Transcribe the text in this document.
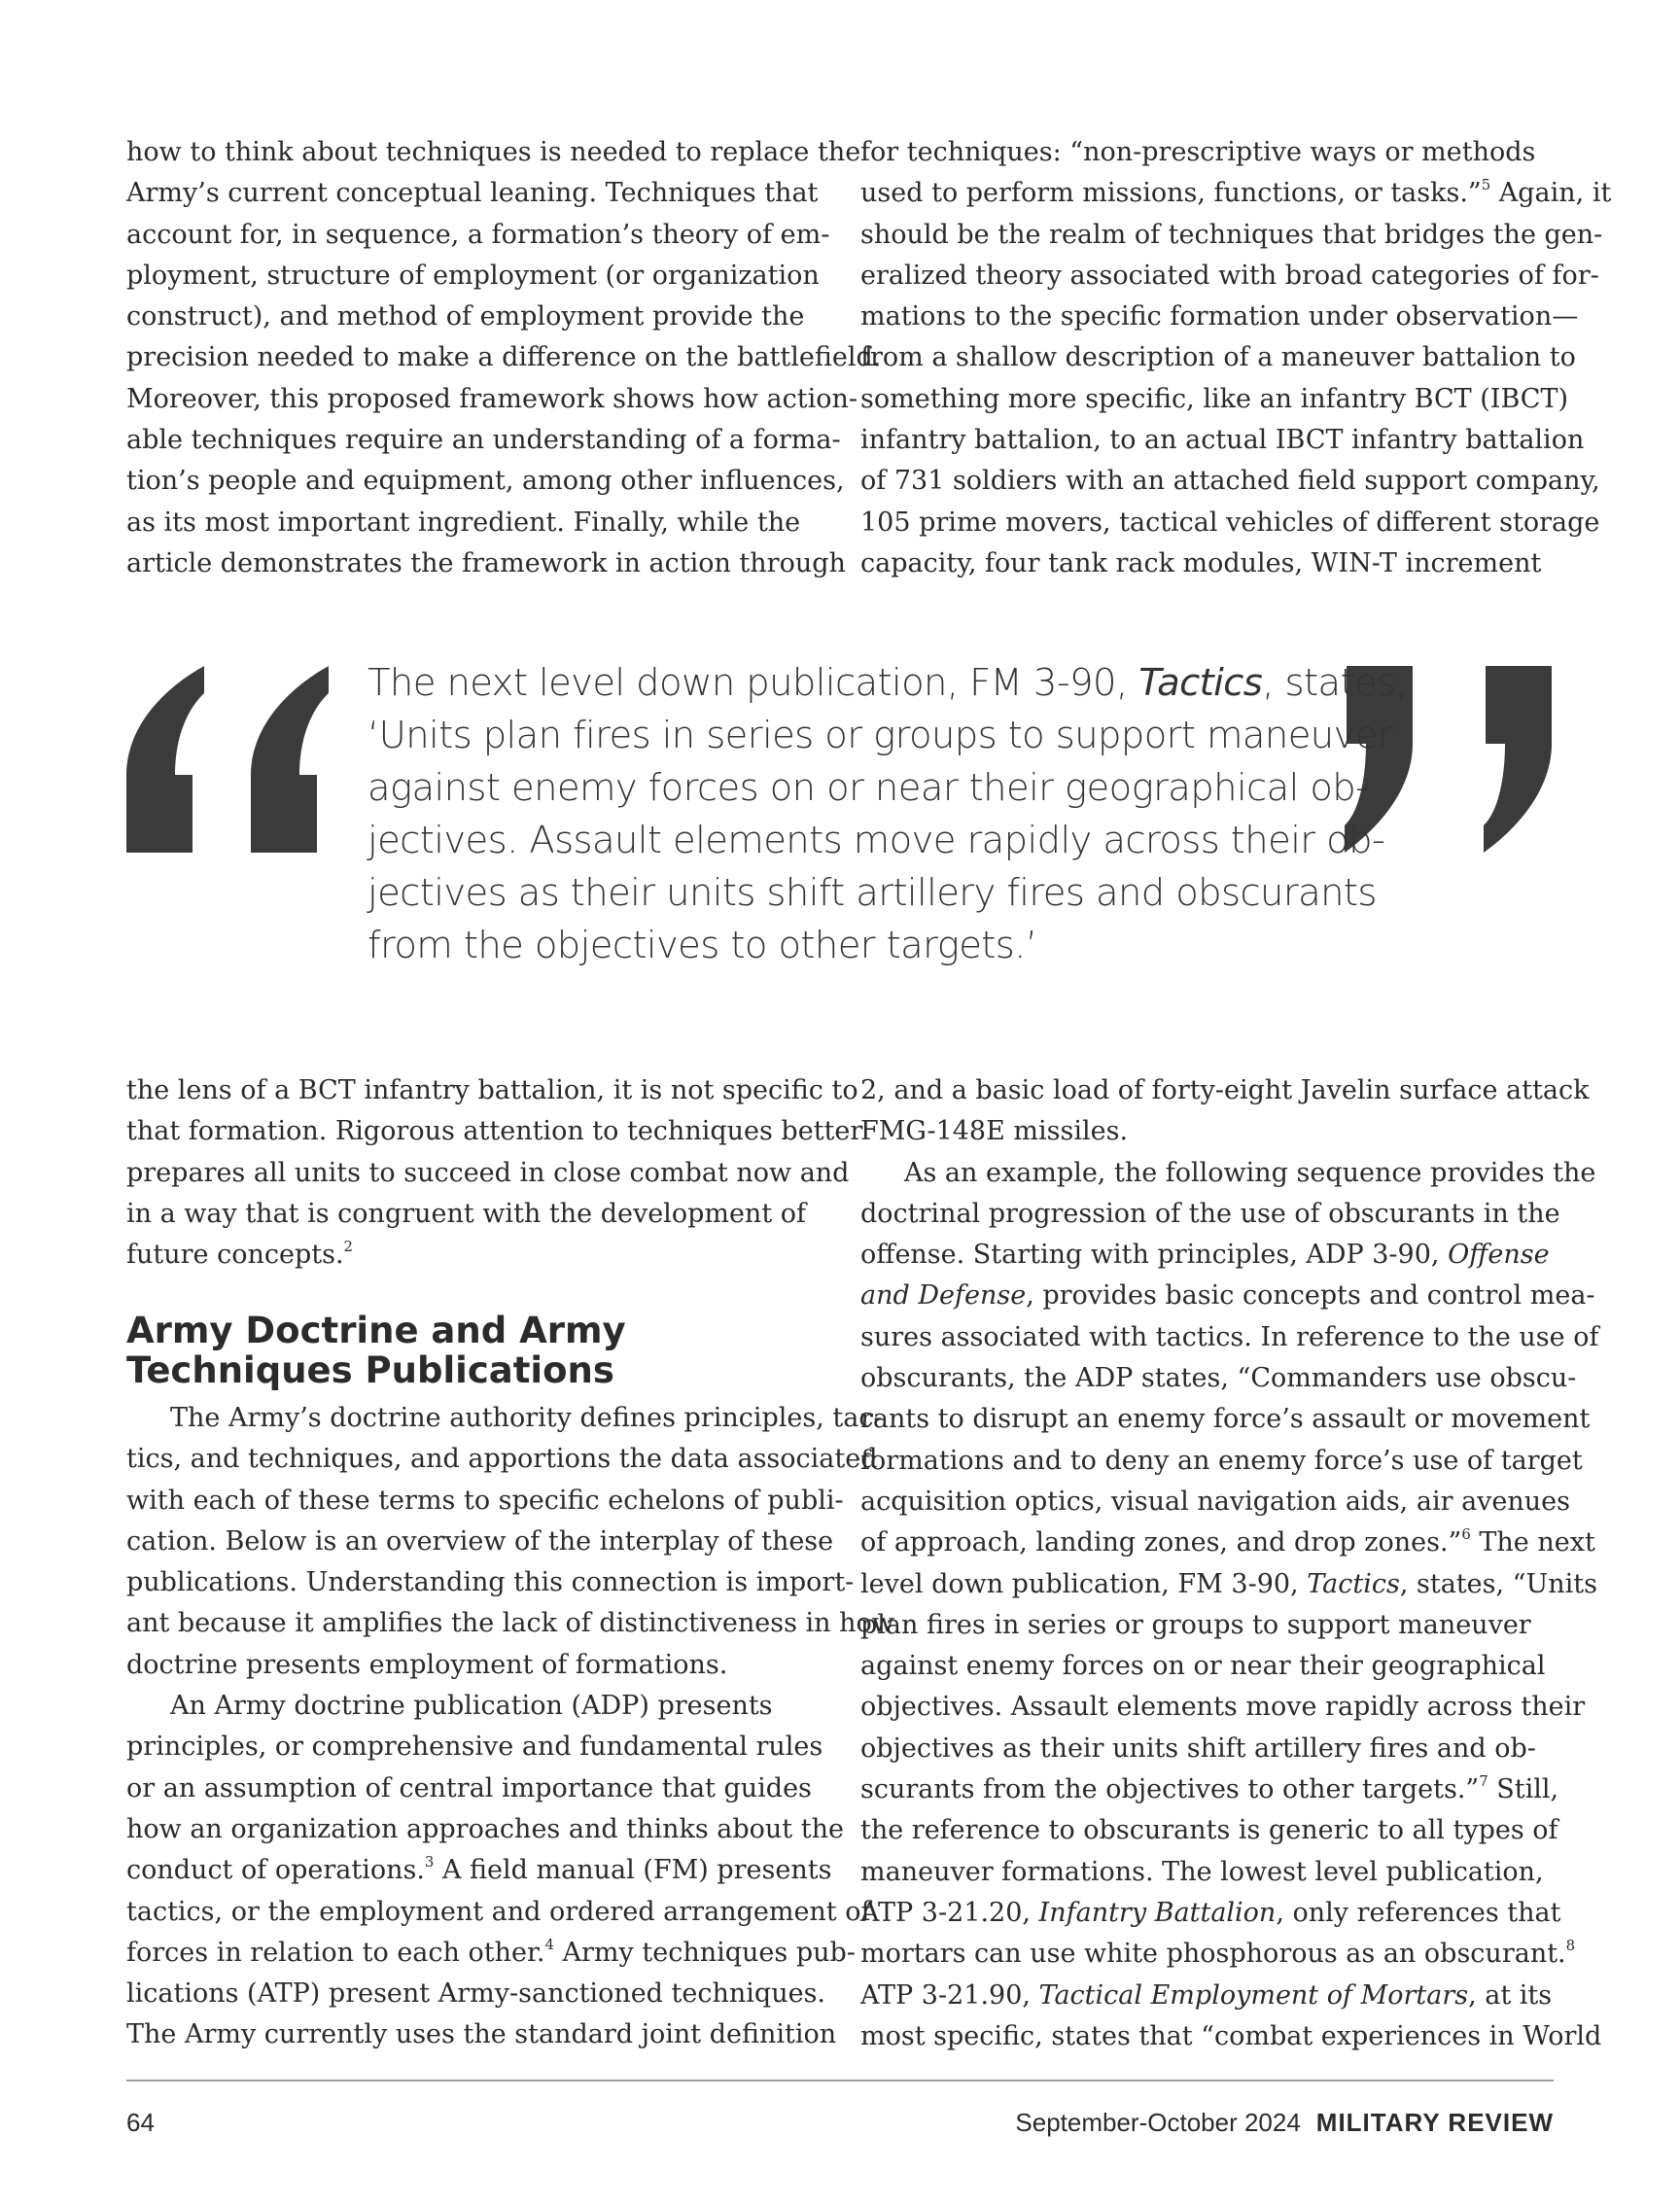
how to think about techniques is needed to replace the
Army’s current conceptual leaning. Techniques that
account for, in sequence, a formation’s theory of em-
ployment, structure of employment (or organization
construct), and method of employment provide the
precision needed to make a difference on the battlefield.
Moreover, this proposed framework shows how action-
able techniques require an understanding of a forma-
tion’s people and equipment, among other influences,
as its most important ingredient. Finally, while the
article demonstrates the framework in action through
for techniques: “non-prescriptive ways or methods
used to perform missions, functions, or tasks.”$^5$ Again, it
should be the realm of techniques that bridges the gen-
eralized theory associated with broad categories of for-
mations to the specific formation under observation—
from a shallow description of a maneuver battalion to
something more specific, like an infantry BCT (IBCT)
infantry battalion, to an actual IBCT infantry battalion
of 731 soldiers with an attached field support company,
105 prime movers, tactical vehicles of different storage
capacity, four tank rack modules, WIN-T increment
The next level down publication, FM 3-90, Tactics, states,
‘Units plan fires in series or groups to support maneuver
against enemy forces on or near their geographical ob-
jectives. Assault elements move rapidly across their ob-
jectives as their units shift artillery fires and obscurants
from the objectives to other targets.’
the lens of a BCT infantry battalion, it is not specific to
that formation. Rigorous attention to techniques better
prepares all units to succeed in close combat now and
in a way that is congruent with the development of
future concepts.$^2$
Army Doctrine and Army
Techniques Publications
The Army’s doctrine authority defines principles, tac-
tics, and techniques, and apportions the data associated
with each of these terms to specific echelons of publi-
cation. Below is an overview of the interplay of these
publications. Understanding this connection is import-
ant because it amplifies the lack of distinctiveness in how
doctrine presents employment of formations.
An Army doctrine publication (ADP) presents
principles, or comprehensive and fundamental rules
or an assumption of central importance that guides
how an organization approaches and thinks about the
conduct of operations.$^3$ A field manual (FM) presents
tactics, or the employment and ordered arrangement of
forces in relation to each other.$^4$ Army techniques pub-
lications (ATP) present Army-sanctioned techniques.
The Army currently uses the standard joint definition
2, and a basic load of forty-eight Javelin surface attack
FMG-148E missiles.
As an example, the following sequence provides the
doctrinal progression of the use of obscurants in the
offense. Starting with principles, ADP 3-90, Offense
and Defense, provides basic concepts and control mea-
sures associated with tactics. In reference to the use of
obscurants, the ADP states, “Commanders use obscu-
rants to disrupt an enemy force’s assault or movement
formations and to deny an enemy force’s use of target
acquisition optics, visual navigation aids, air avenues
of approach, landing zones, and drop zones.”$^6$ The next
level down publication, FM 3-90, Tactics, states, “Units
plan fires in series or groups to support maneuver
against enemy forces on or near their geographical
objectives. Assault elements move rapidly across their
objectives as their units shift artillery fires and ob-
scurants from the objectives to other targets.”$^7$ Still,
the reference to obscurants is generic to all types of
maneuver formations. The lowest level publication,
ATP 3-21.20, Infantry Battalion, only references that
mortars can use white phosphorous as an obscurant.$^8$
ATP 3-21.90, Tactical Employment of Mortars, at its
most specific, states that “combat experiences in World
64	September-October 2024 MILITARY REVIEW
